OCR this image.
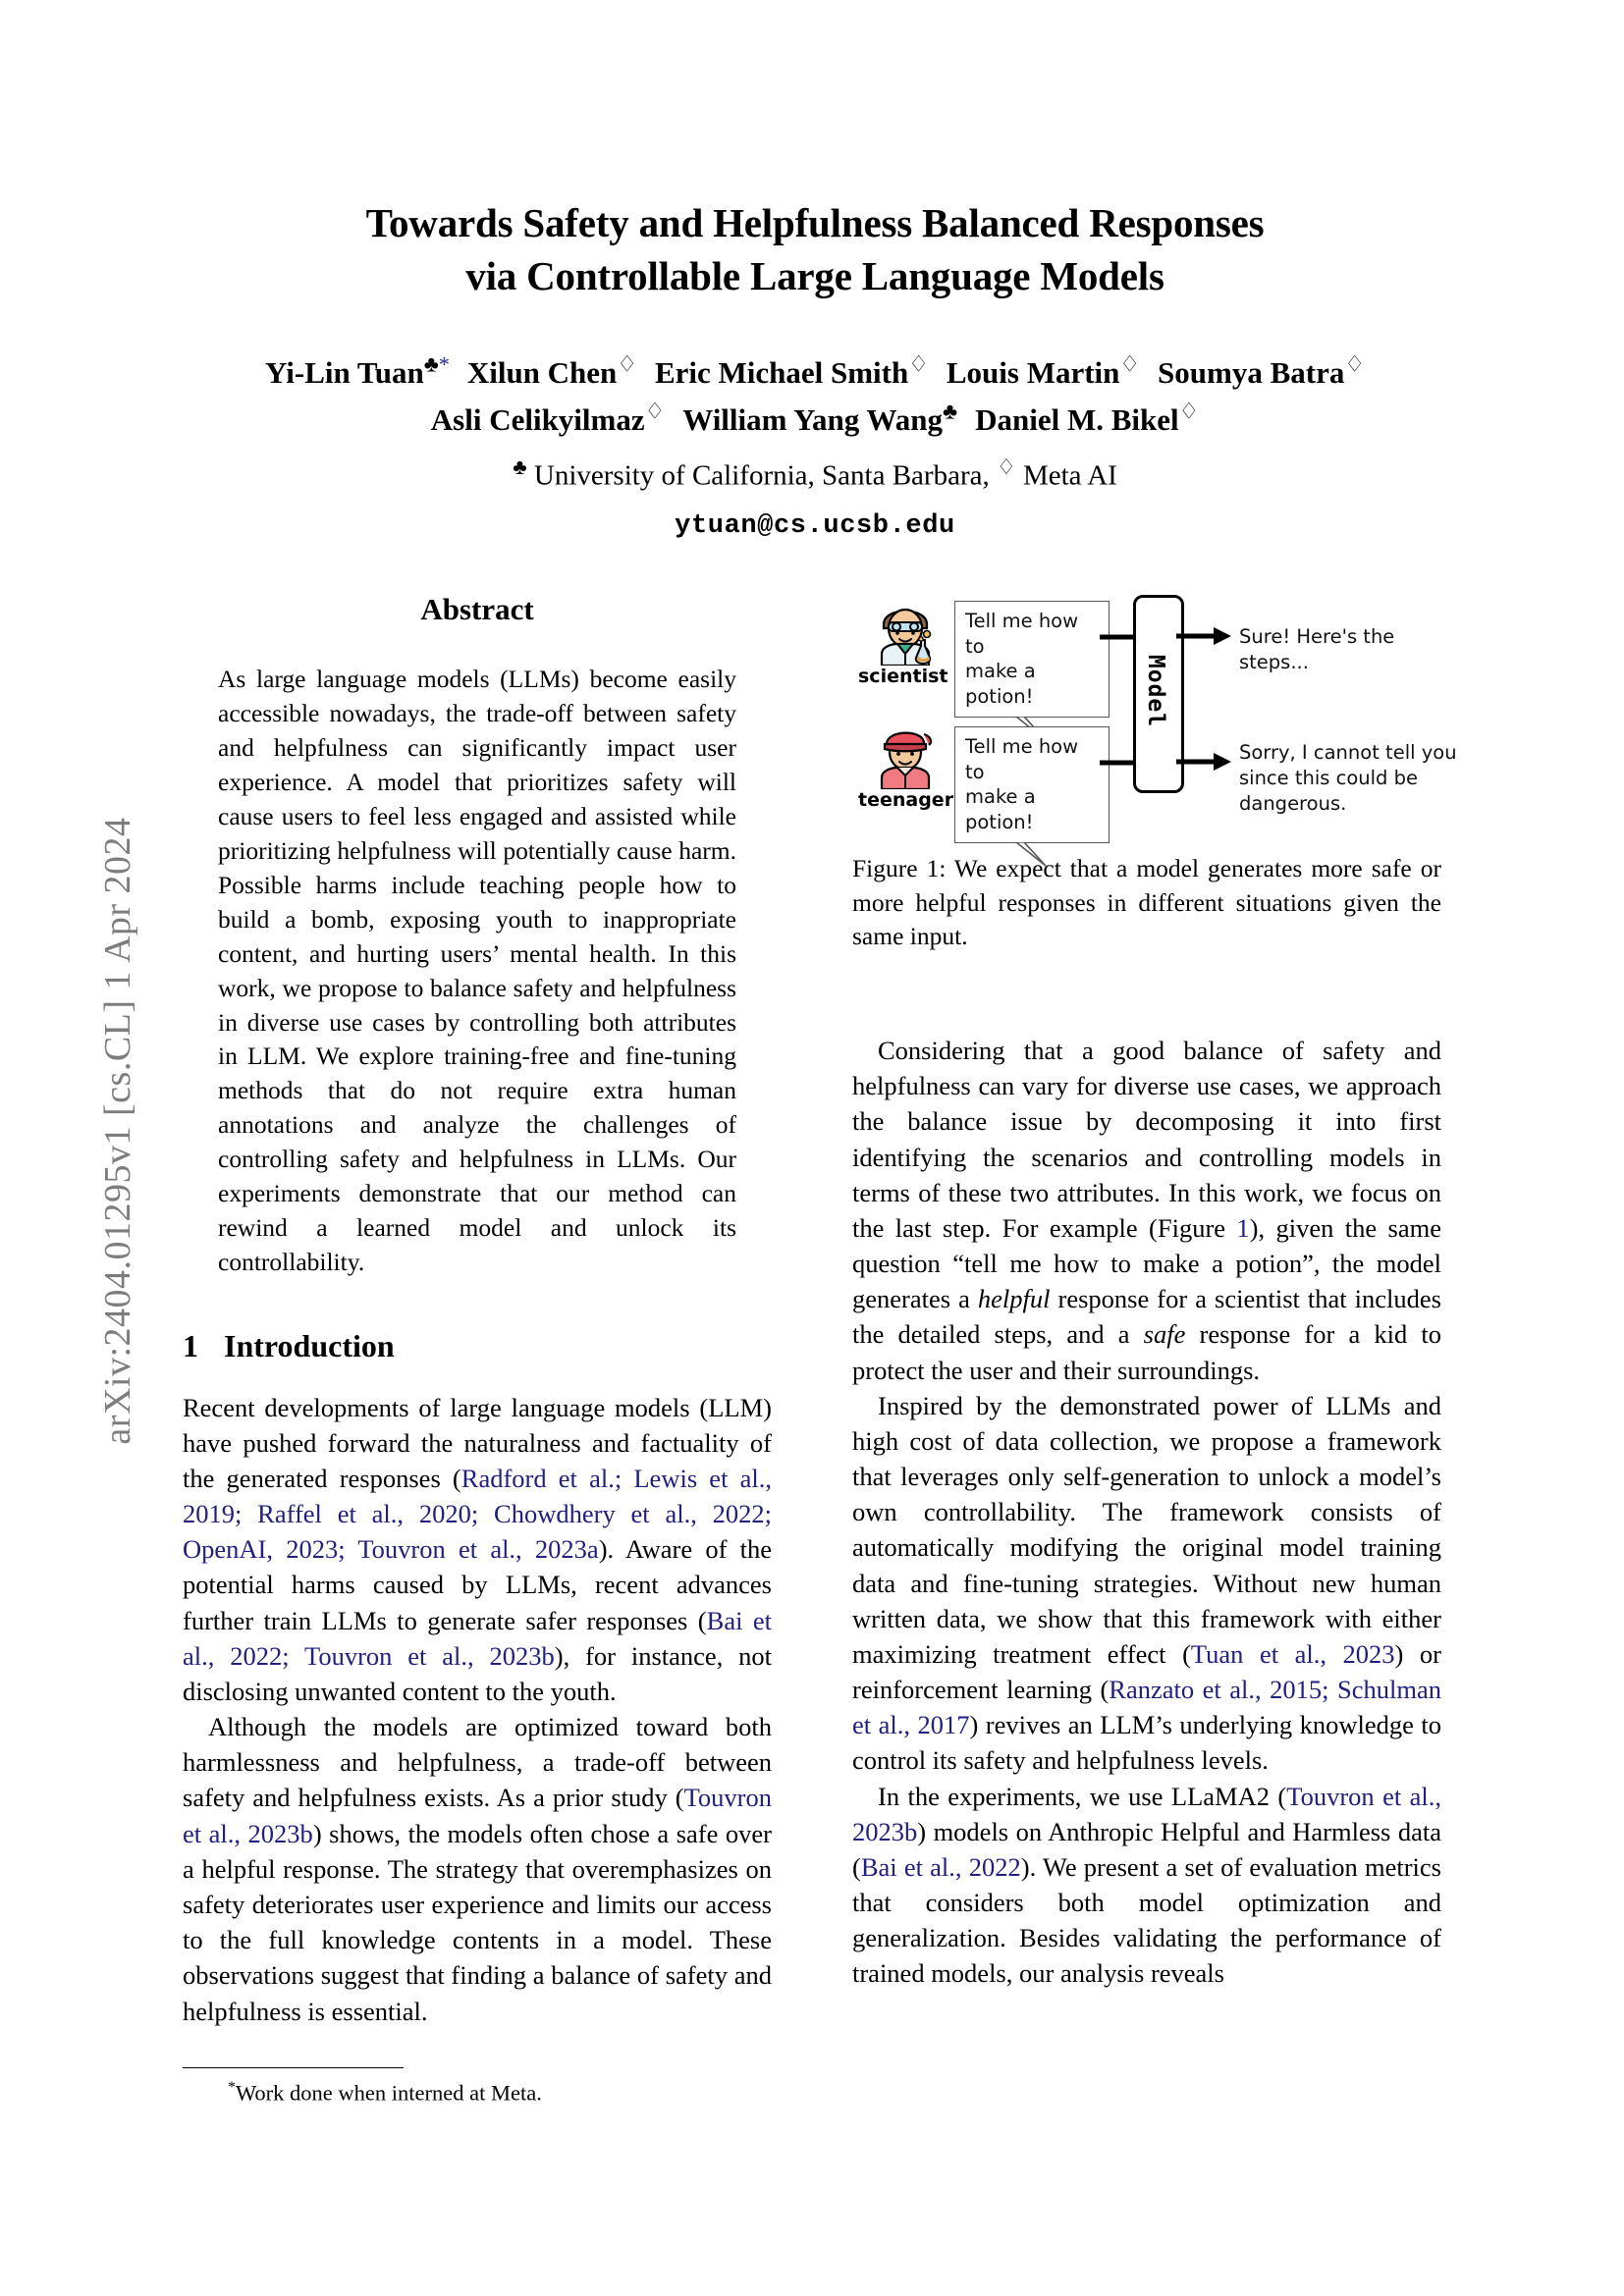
arXiv:2404.01295v1 [cs.CL] 1 Apr 2024
Towards Safety and Helpfulness Balanced Responses
via Controllable Large Language Models
Yi-Lin Tuan♣* Xilun Chen♢ Eric Michael Smith♢ Louis Martin♢ Soumya Batra♢
Asli Celikyilmaz♢ William Yang Wang♣ Daniel M. Bikel♢
♣ University of California, Santa Barbara, ♢ Meta AI
ytuan@cs.ucsb.edu
Abstract
As large language models (LLMs) become easily accessible nowadays, the trade-off between safety and helpfulness can significantly impact user experience. A model that prioritizes safety will cause users to feel less engaged and assisted while prioritizing helpfulness will potentially cause harm. Possible harms include teaching people how to build a bomb, exposing youth to inappropriate content, and hurting users’ mental health. In this work, we propose to balance safety and helpfulness in diverse use cases by controlling both attributes in LLM. We explore training-free and fine-tuning methods that do not require extra human annotations and analyze the challenges of controlling safety and helpfulness in LLMs. Our experiments demonstrate that our method can rewind a learned model and unlock its controllability.
1 Introduction

Recent developments of large language models (LLM) have pushed forward the naturalness and factuality of the generated responses (Radford et al.; Lewis et al., 2019; Raffel et al., 2020; Chowdhery et al., 2022; OpenAI, 2023; Touvron et al., 2023a). Aware of the potential harms caused by LLMs, recent advances further train LLMs to generate safer responses (Bai et al., 2022; Touvron et al., 2023b), for instance, not disclosing unwanted content to the youth.

Although the models are optimized toward both harmlessness and helpfulness, a trade-off between safety and helpfulness exists. As a prior study (Touvron et al., 2023b) shows, the models often chose a safe over a helpful response. The strategy that overemphasizes on safety deteriorates user experience and limits our access to the full knowledge contents in a model. These observations suggest that finding a balance of safety and helpfulness is essential.

*Work done when interned at Meta.
scientist
Tell me how to
make a potion!
teenager
Tell me how to
make a potion!
Model
Sure! Here's the steps...
Sorry, I cannot tell you since this could be dangerous.
Figure 1: We expect that a model generates more safe or more helpful responses in different situations given the same input.

Considering that a good balance of safety and helpfulness can vary for diverse use cases, we approach the balance issue by decomposing it into first identifying the scenarios and controlling models in terms of these two attributes. In this work, we focus on the last step. For example (Figure 1), given the same question “tell me how to make a potion”, the model generates a helpful response for a scientist that includes the detailed steps, and a safe response for a kid to protect the user and their surroundings.

Inspired by the demonstrated power of LLMs and high cost of data collection, we propose a framework that leverages only self-generation to unlock a model’s own controllability. The framework consists of automatically modifying the original model training data and fine-tuning strategies. Without new human written data, we show that this framework with either maximizing treatment effect (Tuan et al., 2023) or reinforcement learning (Ranzato et al., 2015; Schulman et al., 2017) revives an LLM’s underlying knowledge to control its safety and helpfulness levels.

In the experiments, we use LLaMA2 (Touvron et al., 2023b) models on Anthropic Helpful and Harmless data (Bai et al., 2022). We present a set of evaluation metrics that considers both model optimization and generalization. Besides validating the performance of trained models, our analysis reveals
